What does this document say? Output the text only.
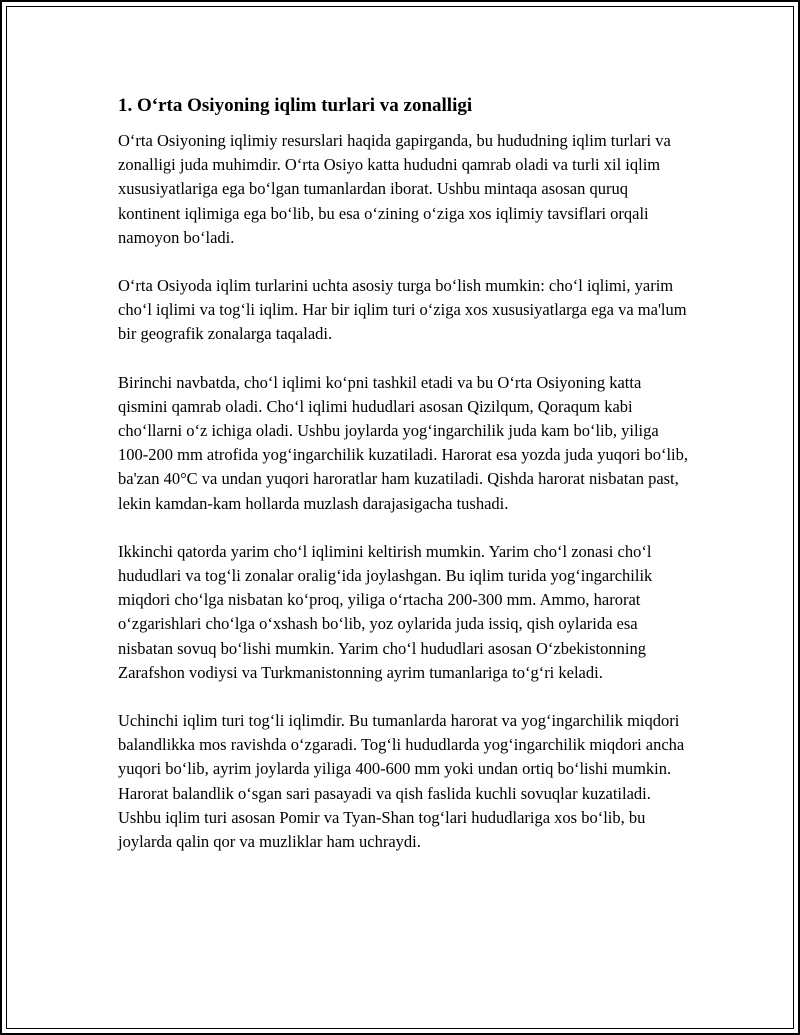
1. O‘rta Osiyoning iqlim turlari va zonalligi

O‘rta Osiyoning iqlimiy resurslari haqida gapirganda, bu hududning iqlim turlari va zonalligi juda muhimdir. O‘rta Osiyo katta hududni qamrab oladi va turli xil iqlim xususiyatlariga ega bo‘lgan tumanlardan iborat. Ushbu mintaqa asosan quruq kontinent iqlimiga ega bo‘lib, bu esa o‘zining o‘ziga xos iqlimiy tavsiflari orqali namoyon bo‘ladi.

O‘rta Osiyoda iqlim turlarini uchta asosiy turga bo‘lish mumkin: cho‘l iqlimi, yarim cho‘l iqlimi va tog‘li iqlim. Har bir iqlim turi o‘ziga xos xususiyatlarga ega va ma'lum bir geografik zonalarga taqaladi.

Birinchi navbatda, cho‘l iqlimi ko‘pni tashkil etadi va bu O‘rta Osiyoning katta qismini qamrab oladi. Cho‘l iqlimi hududlari asosan Qizilqum, Qoraqum kabi cho‘llarni o‘z ichiga oladi. Ushbu joylarda yog‘ingarchilik juda kam bo‘lib, yiliga 100-200 mm atrofida yog‘ingarchilik kuzatiladi. Harorat esa yozda juda yuqori bo‘lib, ba'zan 40°C va undan yuqori haroratlar ham kuzatiladi. Qishda harorat nisbatan past, lekin kamdan-kam hollarda muzlash darajasigacha tushadi.

Ikkinchi qatorda yarim cho‘l iqlimini keltirish mumkin. Yarim cho‘l zonasi cho‘l hududlari va tog‘li zonalar oralig‘ida joylashgan. Bu iqlim turida yog‘ingarchilik miqdori cho‘lga nisbatan ko‘proq, yiliga o‘rtacha 200-300 mm. Ammo, harorat o‘zgarishlari cho‘lga o‘xshash bo‘lib, yoz oylarida juda issiq, qish oylarida esa nisbatan sovuq bo‘lishi mumkin. Yarim cho‘l hududlari asosan O‘zbekistonning Zarafshon vodiysi va Turkmanistonning ayrim tumanlariga to‘g‘ri keladi.

Uchinchi iqlim turi tog‘li iqlimdir. Bu tumanlarda harorat va yog‘ingarchilik miqdori balandlikka mos ravishda o‘zgaradi. Tog‘li hududlarda yog‘ingarchilik miqdori ancha yuqori bo‘lib, ayrim joylarda yiliga 400-600 mm yoki undan ortiq bo‘lishi mumkin. Harorat balandlik o‘sgan sari pasayadi va qish faslida kuchli sovuqlar kuzatiladi. Ushbu iqlim turi asosan Pomir va Tyan-Shan tog‘lari hududlariga xos bo‘lib, bu joylarda qalin qor va muzliklar ham uchraydi.
